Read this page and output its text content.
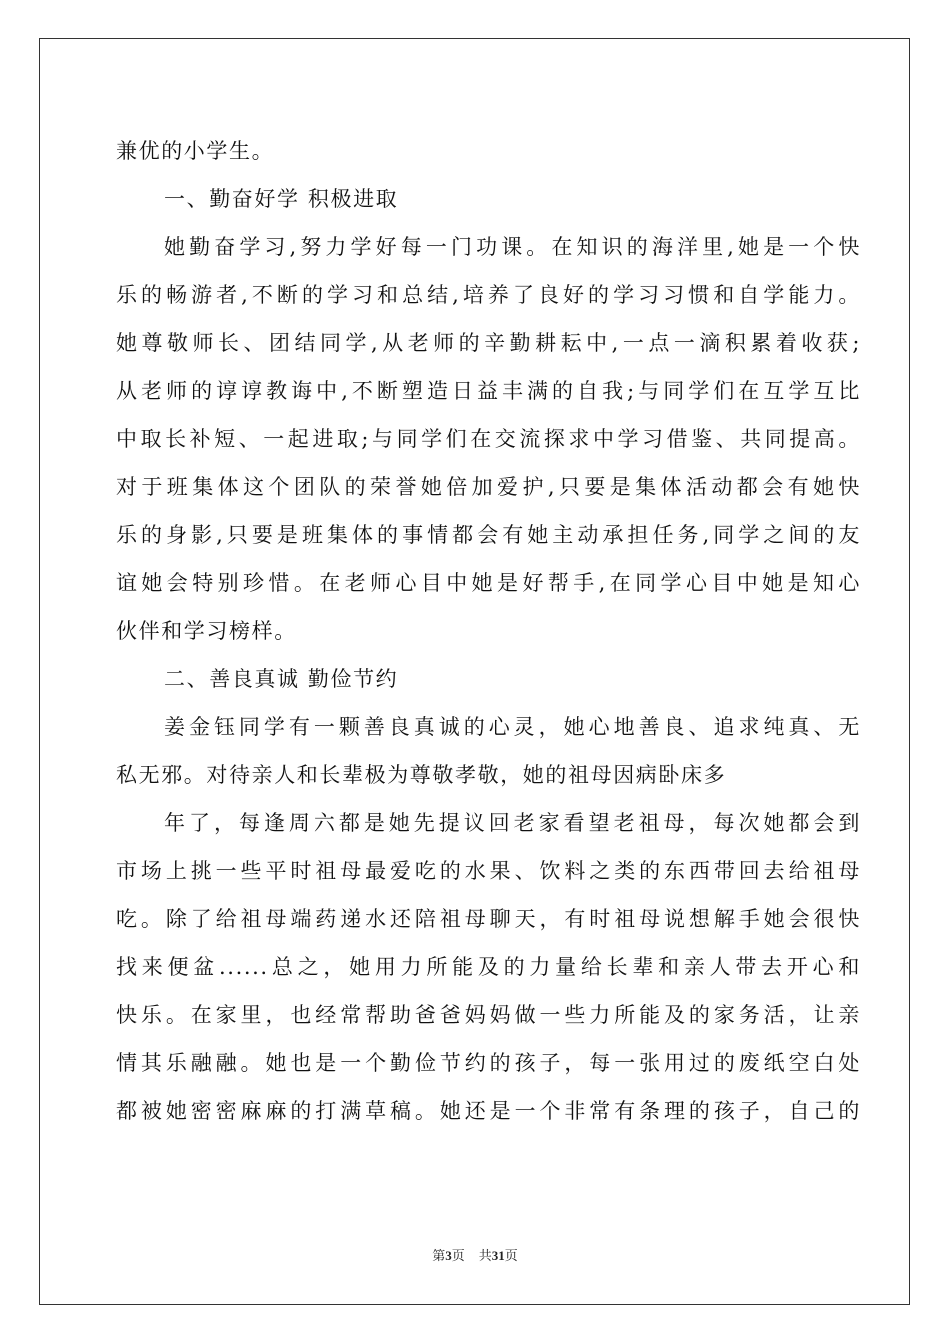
兼优的小学生。
一、勤奋好学 积极进取
她勤奋学习,努力学好每一门功课。在知识的海洋里,她是一个快
乐的畅游者,不断的学习和总结,培养了良好的学习习惯和自学能力。
她尊敬师长、团结同学,从老师的辛勤耕耘中,一点一滴积累着收获;
从老师的谆谆教诲中,不断塑造日益丰满的自我;与同学们在互学互比
中取长补短、一起进取;与同学们在交流探求中学习借鉴、共同提高。
对于班集体这个团队的荣誉她倍加爱护,只要是集体活动都会有她快
乐的身影,只要是班集体的事情都会有她主动承担任务,同学之间的友
谊她会特别珍惜。在老师心目中她是好帮手,在同学心目中她是知心
伙伴和学习榜样。
二、善良真诚 勤俭节约
姜金钰同学有一颗善良真诚的心灵，她心地善良、追求纯真、无
私无邪。对待亲人和长辈极为尊敬孝敬，她的祖母因病卧床多
年了，每逢周六都是她先提议回老家看望老祖母，每次她都会到
市场上挑一些平时祖母最爱吃的水果、饮料之类的东西带回去给祖母
吃。除了给祖母端药递水还陪祖母聊天，有时祖母说想解手她会很快
找来便盆......总之，她用力所能及的力量给长辈和亲人带去开心和
快乐。在家里，也经常帮助爸爸妈妈做一些力所能及的家务活，让亲
情其乐融融。她也是一个勤俭节约的孩子，每一张用过的废纸空白处
都被她密密麻麻的打满草稿。她还是一个非常有条理的孩子，自己的
第3页 共31页
